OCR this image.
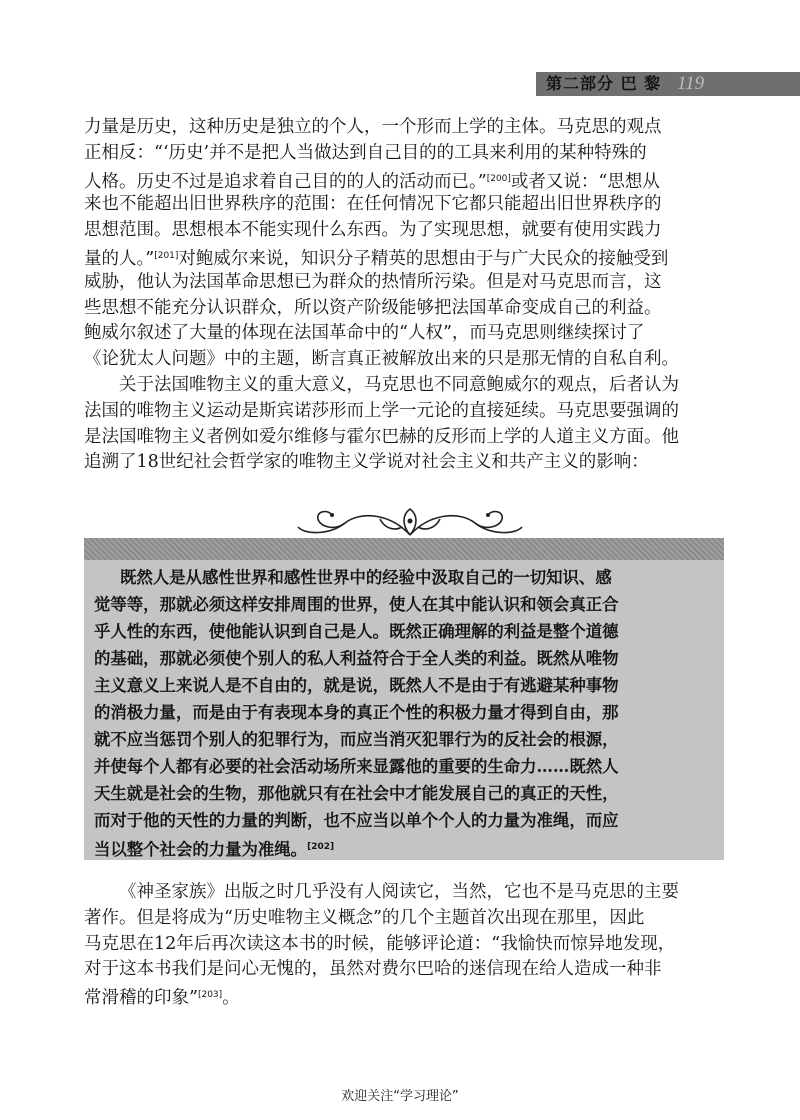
第二部分 巴 黎 119
力量是历史，这种历史是独立的个人，一个形而上学的主体。马克思的观点
正相反：“‘历史’并不是把人当做达到自己目的的工具来利用的某种特殊的
人格。历史不过是追求着自己目的的人的活动而已。”[200]或者又说：“思想从
来也不能超出旧世界秩序的范围：在任何情况下它都只能超出旧世界秩序的
思想范围。思想根本不能实现什么东西。为了实现思想，就要有使用实践力
量的人。”[201]对鲍威尔来说，知识分子精英的思想由于与广大民众的接触受到
威胁，他认为法国革命思想已为群众的热情所污染。但是对马克思而言，这
些思想不能充分认识群众，所以资产阶级能够把法国革命变成自己的利益。
鲍威尔叙述了大量的体现在法国革命中的“人权”，而马克思则继续探讨了
《论犹太人问题》中的主题，断言真正被解放出来的只是那无情的自私自利。
关于法国唯物主义的重大意义，马克思也不同意鲍威尔的观点，后者认为
法国的唯物主义运动是斯宾诺莎形而上学一元论的直接延续。马克思要强调的
是法国唯物主义者例如爱尔维修与霍尔巴赫的反形而上学的人道主义方面。他
追溯了18世纪社会哲学家的唯物主义学说对社会主义和共产主义的影响：
既然人是从感性世界和感性世界中的经验中汲取自己的一切知识、感
觉等等，那就必须这样安排周围的世界，使人在其中能认识和领会真正合
乎人性的东西，使他能认识到自己是人。既然正确理解的利益是整个道德
的基础，那就必须使个别人的私人利益符合于全人类的利益。既然从唯物
主义意义上来说人是不自由的，就是说，既然人不是由于有逃避某种事物
的消极力量，而是由于有表现本身的真正个性的积极力量才得到自由，那
就不应当惩罚个别人的犯罪行为，而应当消灭犯罪行为的反社会的根源，
并使每个人都有必要的社会活动场所来显露他的重要的生命力……既然人
天生就是社会的生物，那他就只有在社会中才能发展自己的真正的天性，
而对于他的天性的力量的判断，也不应当以单个个人的力量为准绳，而应
当以整个社会的力量为准绳。[202]
《神圣家族》出版之时几乎没有人阅读它，当然，它也不是马克思的主要
著作。但是将成为“历史唯物主义概念”的几个主题首次出现在那里，因此
马克思在12年后再次读这本书的时候，能够评论道：“我愉快而惊异地发现，
对于这本书我们是问心无愧的，虽然对费尔巴哈的迷信现在给人造成一种非
常滑稽的印象”[203]。
欢迎关注“学习理论”
